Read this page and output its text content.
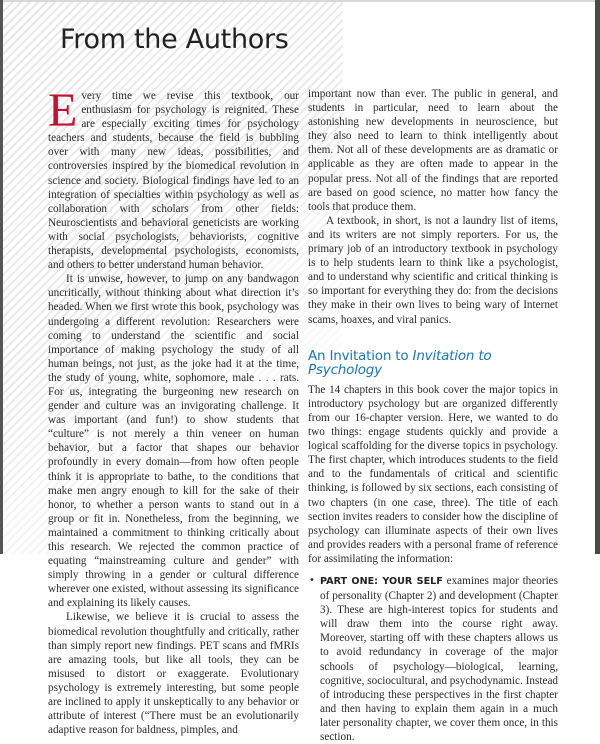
From the Authors

Every time we revise this textbook, our enthusiasm for psychology is reignited. These are especially exciting times for psychology teachers and students, because the field is bubbling over with many new ideas, possibilities, and controversies inspired by the biomedical revolution in science and society. Biological findings have led to an integration of specialties within psychology as well as collaboration with scholars from other fields: Neuroscientists and behavioral geneticists are working with social psychologists, behaviorists, cognitive therapists, developmental psychologists, economists, and others to better understand human behavior.

It is unwise, however, to jump on any bandwagon uncritically, without thinking about what direction it’s headed. When we first wrote this book, psychology was undergoing a different revolution: Researchers were coming to understand the scientific and social importance of making psychology the study of all human beings, not just, as the joke had it at the time, the study of young, white, sophomore, male . . . rats. For us, integrating the burgeoning new research on gender and culture was an invigorating challenge. It was important (and fun!) to show students that “culture” is not merely a thin veneer on human behavior, but a factor that shapes our behavior profoundly in every domain—from how often people think it is appropriate to bathe, to the conditions that make men angry enough to kill for the sake of their honor, to whether a person wants to stand out in a group or fit in. Nonetheless, from the beginning, we maintained a commitment to thinking critically about this research. We rejected the common practice of equating “mainstreaming culture and gender” with simply throwing in a gender or cultural difference wherever one existed, without assessing its significance and explaining its likely causes.

Likewise, we believe it is crucial to assess the biomedical revolution thoughtfully and critically, rather than simply report new findings. PET scans and fMRIs are amazing tools, but like all tools, they can be misused to distort or exaggerate. Evolutionary psychology is extremely interesting, but some people are inclined to apply it unskeptically to any behavior or attribute of interest (“There must be an evolutionarily adaptive reason for baldness, pimples, and

important now than ever. The public in general, and students in particular, need to learn about the astonishing new developments in neuroscience, but they also need to learn to think intelligently about them. Not all of these developments are as dramatic or applicable as they are often made to appear in the popular press. Not all of the findings that are reported are based on good science, no matter how fancy the tools that produce them.

A textbook, in short, is not a laundry list of items, and its writers are not simply reporters. For us, the primary job of an introductory textbook in psychology is to help students learn to think like a psychologist, and to understand why scientific and critical thinking is so important for everything they do: from the decisions they make in their own lives to being wary of Internet scams, hoaxes, and viral panics.

An Invitation to Invitation to Psychology

The 14 chapters in this book cover the major topics in introductory psychology but are organized differently from our 16-chapter version. Here, we wanted to do two things: engage students quickly and provide a logical scaffolding for the diverse topics in psychology. The first chapter, which introduces students to the field and to the fundamentals of critical and scientific thinking, is followed by six sections, each consisting of two chapters (in one case, three). The title of each section invites readers to consider how the discipline of psychology can illuminate aspects of their own lives and provides readers with a personal frame of reference for assimilating the information:

• PART ONE: YOUR SELF examines major theories of personality (Chapter 2) and development (Chapter 3). These are high-interest topics for students and will draw them into the course right away. Moreover, starting off with these chapters allows us to avoid redundancy in coverage of the major schools of psychology—biological, learning, cognitive, sociocultural, and psychodynamic. Instead of introducing these perspectives in the first chapter and then having to explain them again in a much later personality chapter, we cover them once, in this section.
